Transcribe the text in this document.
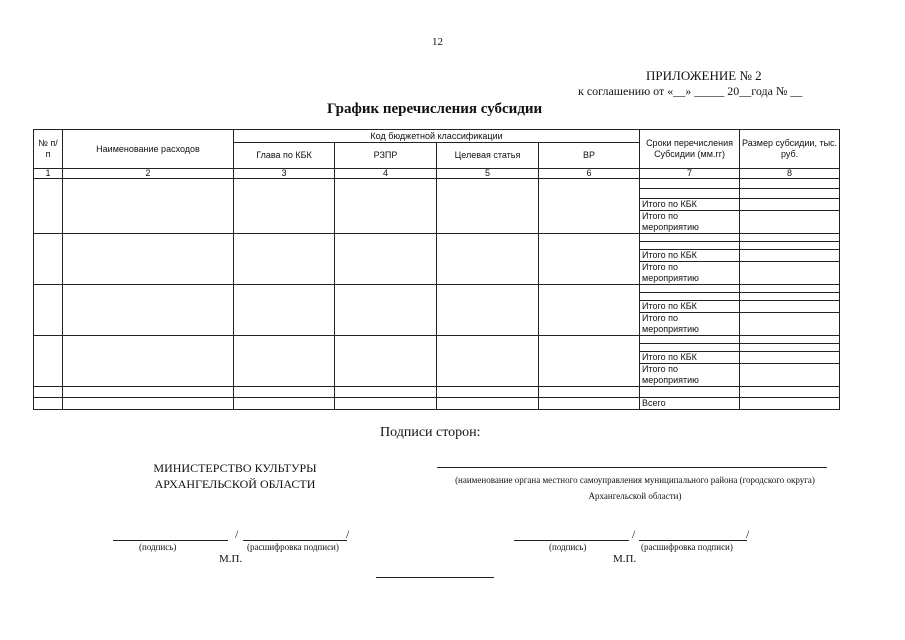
12
ПРИЛОЖЕНИЕ № 2
к соглашению от «__» _____ 20__года № __
График перечисления субсидии
№ п/п	Наименование расходов	Код бюджетной классификации				Сроки перечисления Субсидии (мм.гг)	Размер субсидии, тыс. руб.
		Глава по КБК	РЗПР	Целевая статья	ВР		
1	2	3	4	5	6	7	8

						Итого по КБК	
						Итого по мероприятию	

						Итого по КБК	
						Итого по мероприятию	

						Итого по КБК	
						Итого по мероприятию	

						Итого по КБК	
						Итого по мероприятию	

						Всего	
Подписи сторон:
МИНИСТЕРСТВО КУЛЬТУРЫ АРХАНГЕЛЬСКОЙ ОБЛАСТИ	(наименование органа местного самоуправления муниципального района (городского округа) Архангельской области)
/	/
(подпись)	(расшифровка подписи)
М.П.
/	/
(подпись)	(расшифровка подписи)
М.П.
